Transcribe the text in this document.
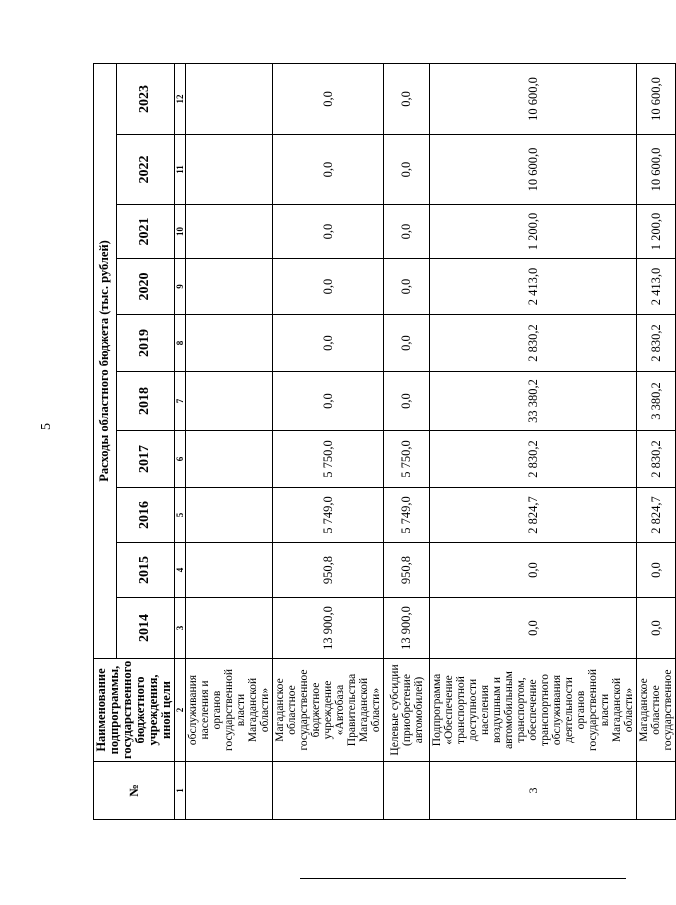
5
№	Наименование подпрограммы, государственного бюджетного учреждения, иной цели	Расходы областного бюджета (тыс. рублей)									
		2014	2015	2016	2017	2018	2019	2020	2021	2022	2023
1	2	3	4	5	6	7	8	9	10	11	12
	обслуживания населения и органов государственной власти Магаданской области»										
	Магаданское областное государственное бюджетное учреждение «Автобаза Правительства Магаданской области»	13 900,0	950,8	5 749,0	5 750,0	0,0	0,0	0,0	0,0	0,0	0,0
	Целевые субсидии (приобретение автомобилей)	13 900,0	950,8	5 749,0	5 750,0	0,0	0,0	0,0	0,0	0,0	0,0
3	Подпрограмма «Обеспечение транспортной доступности населения воздушным и автомобильным транспортом, обеспечение транспортного обслуживания деятельности органов государственной власти Магаданской области»	0,0	0,0	2 824,7	2 830,2	33 380,2	2 830,2	2 413,0	1 200,0	10 600,0	10 600,0
	Магаданское областное государственное	0,0	0,0	2 824,7	2 830,2	3 380,2	2 830,2	2 413,0	1 200,0	10 600,0	10 600,0
